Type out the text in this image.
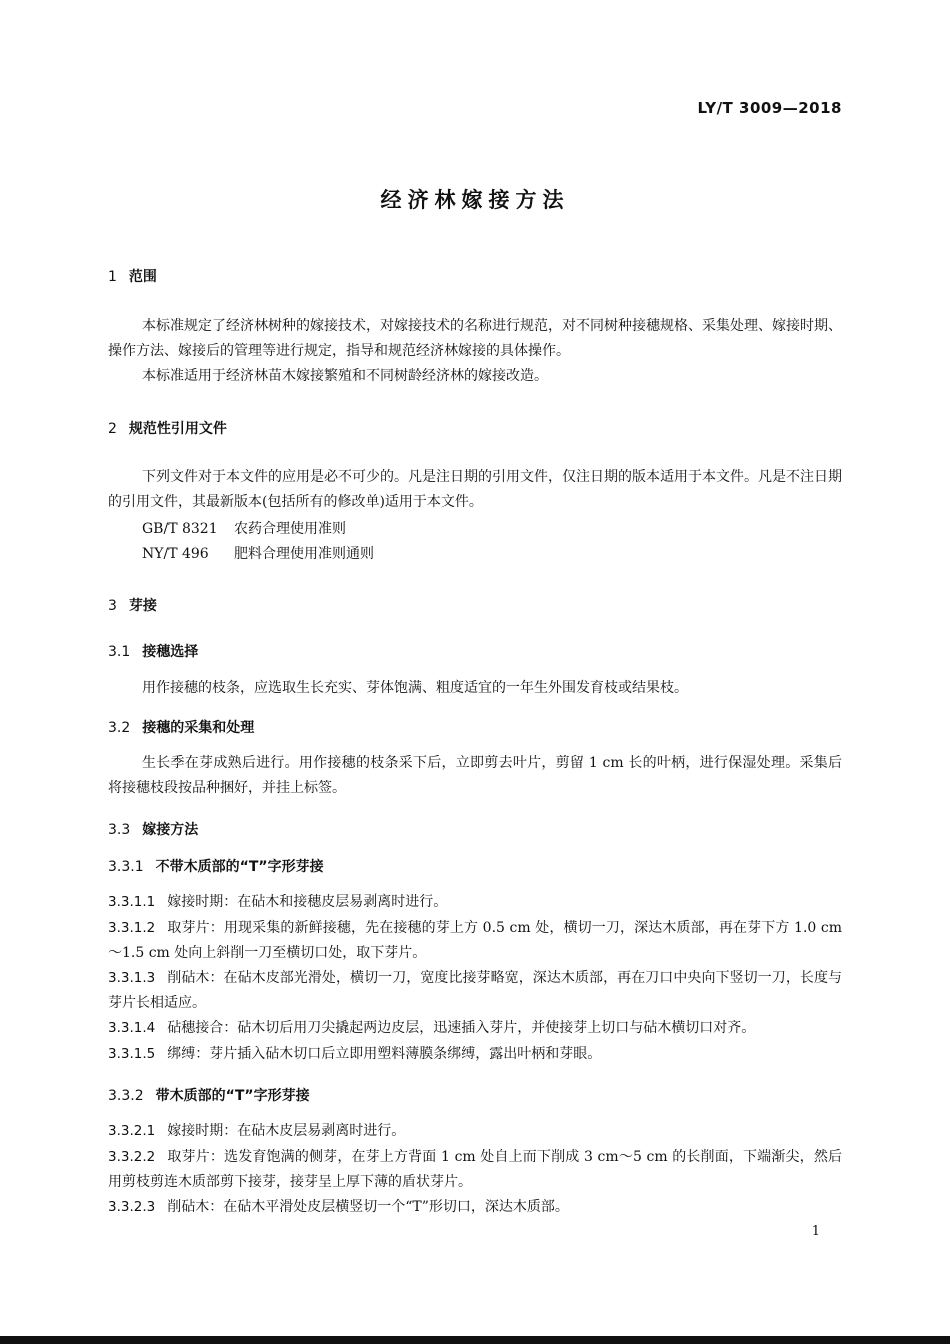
LY/T 3009—2018
经济林嫁接方法
1 范围
本标准规定了经济林树种的嫁接技术，对嫁接技术的名称进行规范，对不同树种接穗规格、采集处理、嫁接时期、操作方法、嫁接后的管理等进行规定，指导和规范经济林嫁接的具体操作。
本标准适用于经济林苗木嫁接繁殖和不同树龄经济林的嫁接改造。
2 规范性引用文件
下列文件对于本文件的应用是必不可少的。凡是注日期的引用文件，仅注日期的版本适用于本文件。凡是不注日期的引用文件，其最新版本(包括所有的修改单)适用于本文件。
GB/T 8321 农药合理使用准则
NY/T 496 肥料合理使用准则通则
3 芽接
3.1 接穗选择
用作接穗的枝条，应选取生长充实、芽体饱满、粗度适宜的一年生外围发育枝或结果枝。
3.2 接穗的采集和处理
生长季在芽成熟后进行。用作接穗的枝条采下后，立即剪去叶片，剪留 1 cm 长的叶柄，进行保湿处理。采集后将接穗枝段按品种捆好，并挂上标签。
3.3 嫁接方法
3.3.1 不带木质部的“T”字形芽接
3.3.1.1 嫁接时期：在砧木和接穗皮层易剥离时进行。
3.3.1.2 取芽片：用现采集的新鲜接穗，先在接穗的芽上方 0.5 cm 处，横切一刀，深达木质部，再在芽下方 1.0 cm～1.5 cm 处向上斜削一刀至横切口处，取下芽片。
3.3.1.3 削砧木：在砧木皮部光滑处，横切一刀，宽度比接芽略宽，深达木质部，再在刀口中央向下竖切一刀，长度与芽片长相适应。
3.3.1.4 砧穗接合：砧木切后用刀尖撬起两边皮层，迅速插入芽片，并使接芽上切口与砧木横切口对齐。
3.3.1.5 绑缚：芽片插入砧木切口后立即用塑料薄膜条绑缚，露出叶柄和芽眼。
3.3.2 带木质部的“T”字形芽接
3.3.2.1 嫁接时期：在砧木皮层易剥离时进行。
3.3.2.2 取芽片：选发育饱满的侧芽，在芽上方背面 1 cm 处自上而下削成 3 cm～5 cm 的长削面，下端渐尖，然后用剪枝剪连木质部剪下接芽，接芽呈上厚下薄的盾状芽片。
3.3.2.3 削砧木：在砧木平滑处皮层横竖切一个“T”形切口，深达木质部。
1
